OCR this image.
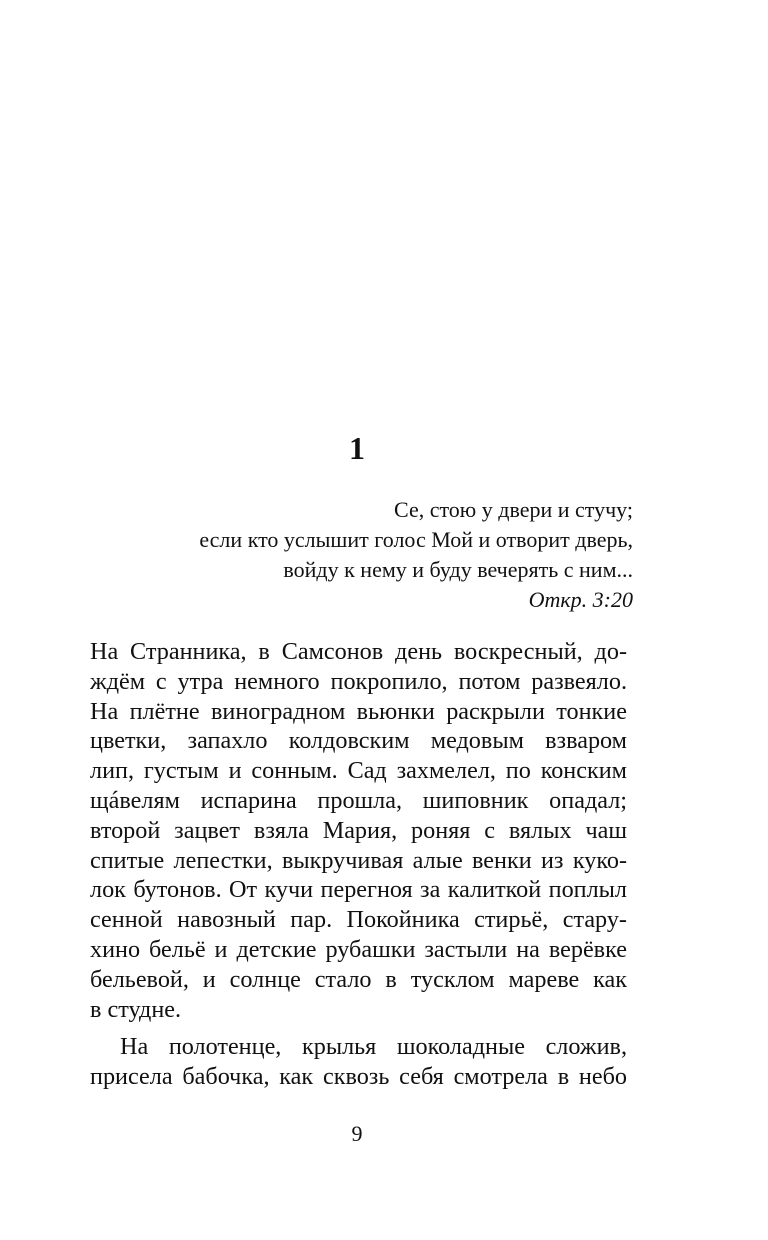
1
Се, стою у двери и стучу;
если кто услышит голос Мой и отворит дверь,
войду к нему и буду вечерять с ним...
Откр. 3:20
На Странника, в Самсонов день воскресный, до-
ждём с утра немного покропило, потом развеяло.
На плётне виноградном вьюнки раскрыли тонкие
цветки, запахло колдовским медовым взваром
лип, густым и сонным. Сад захмелел, по конским
щáвелям испарина прошла, шиповник опадал;
второй зацвет взяла Мария, роняя с вялых чаш
спитые лепестки, выкручивая алые венки из куко-
лок бутонов. От кучи перегноя за калиткой поплыл
сенной навозный пар. Покойника стирьё, стару-
хино бельё и детские рубашки застыли на верёвке
бельевой, и солнце стало в тусклом мареве как
в студне.
На полотенце, крылья шоколадные сложив,
присела бабочка, как сквозь себя смотрела в небо
9
